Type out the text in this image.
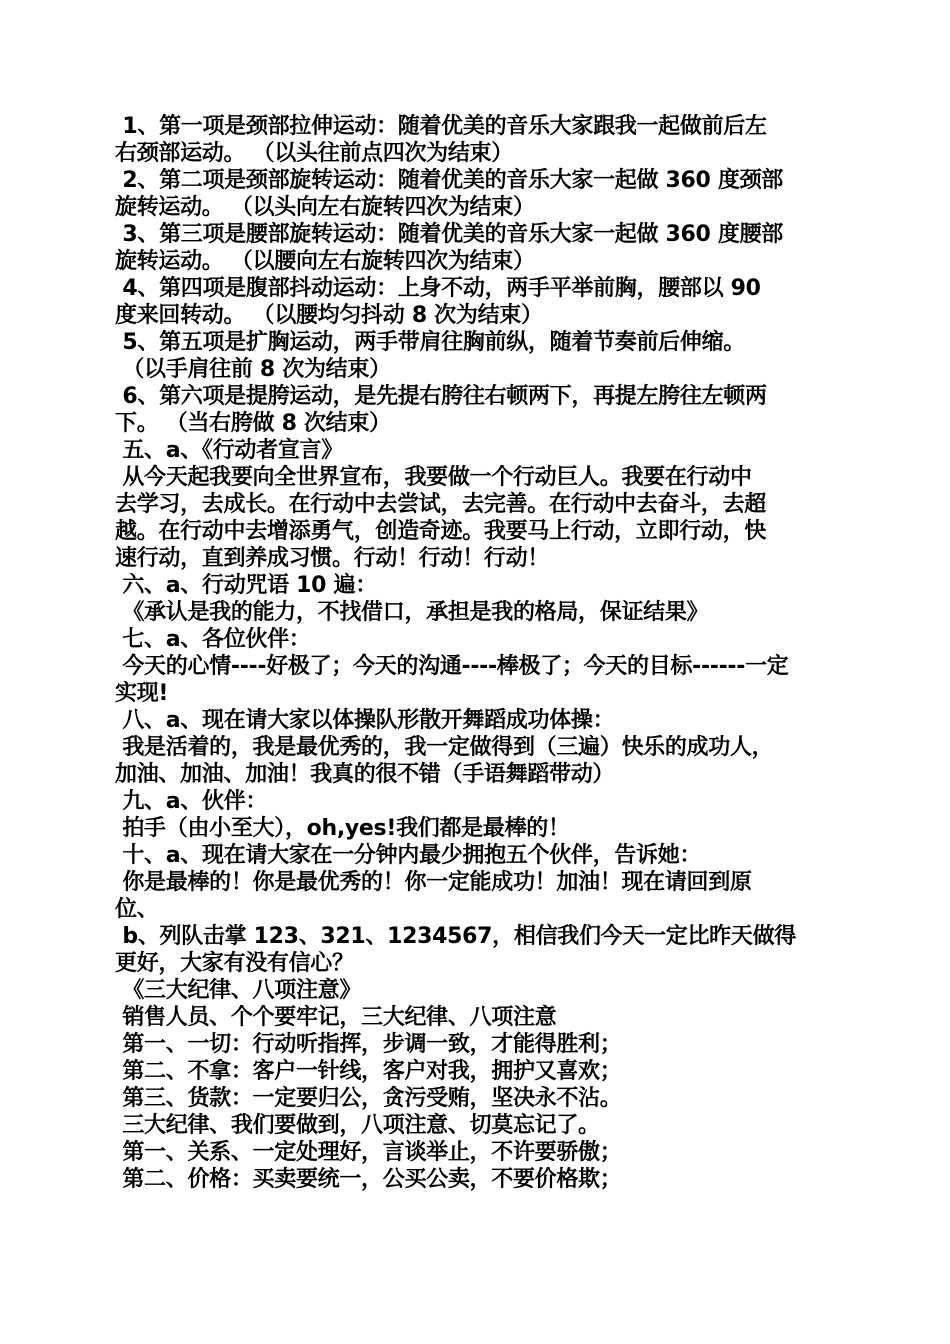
1、第一项是颈部拉伸运动：随着优美的音乐大家跟我一起做前后左
右颈部运动。 （以头往前点四次为结束）
2、第二项是颈部旋转运动：随着优美的音乐大家一起做 360 度颈部
旋转运动。 （以头向左右旋转四次为结束）
3、第三项是腰部旋转运动：随着优美的音乐大家一起做 360 度腰部
旋转运动。 （以腰向左右旋转四次为结束）
4、第四项是腹部抖动运动：上身不动，两手平举前胸，腰部以 90
度来回转动。 （以腰均匀抖动 8 次为结束）
5、第五项是扩胸运动，两手带肩往胸前纵，随着节奏前后伸缩。
（以手肩往前 8 次为结束）
6、第六项是提胯运动，是先提右胯往右顿两下，再提左胯往左顿两
下。 （当右胯做 8 次结束）
五、a、《行动者宣言》
从今天起我要向全世界宣布，我要做一个行动巨人。我要在行动中
去学习，去成长。在行动中去尝试，去完善。在行动中去奋斗，去超
越。在行动中去增添勇气，创造奇迹。我要马上行动，立即行动，快
速行动，直到养成习惯。行动！行动！行动！
六、a、行动咒语 10 遍：
《承认是我的能力，不找借口，承担是我的格局，保证结果》
七、a、各位伙伴：
今天的心情----好极了；今天的沟通----棒极了；今天的目标------一定
实现!
八、a、现在请大家以体操队形散开舞蹈成功体操：
我是活着的，我是最优秀的，我一定做得到（三遍）快乐的成功人，
加油、加油、加油！我真的很不错（手语舞蹈带动）
九、a、伙伴：
拍手（由小至大），oh,yes!我们都是最棒的！
十、a、现在请大家在一分钟内最少拥抱五个伙伴，告诉她：
你是最棒的！你是最优秀的！你一定能成功！加油！现在请回到原
位、
b、列队击掌 123、321、1234567，相信我们今天一定比昨天做得
更好，大家有没有信心？
《三大纪律、八项注意》
销售人员、个个要牢记，三大纪律、八项注意
第一、一切：行动听指挥，步调一致，才能得胜利；
第二、不拿：客户一针线，客户对我，拥护又喜欢；
第三、货款：一定要归公，贪污受贿，坚决永不沾。
三大纪律、我们要做到，八项注意、切莫忘记了。
第一、关系、一定处理好，言谈举止，不许要骄傲；
第二、价格：买卖要统一，公买公卖，不要价格欺；
